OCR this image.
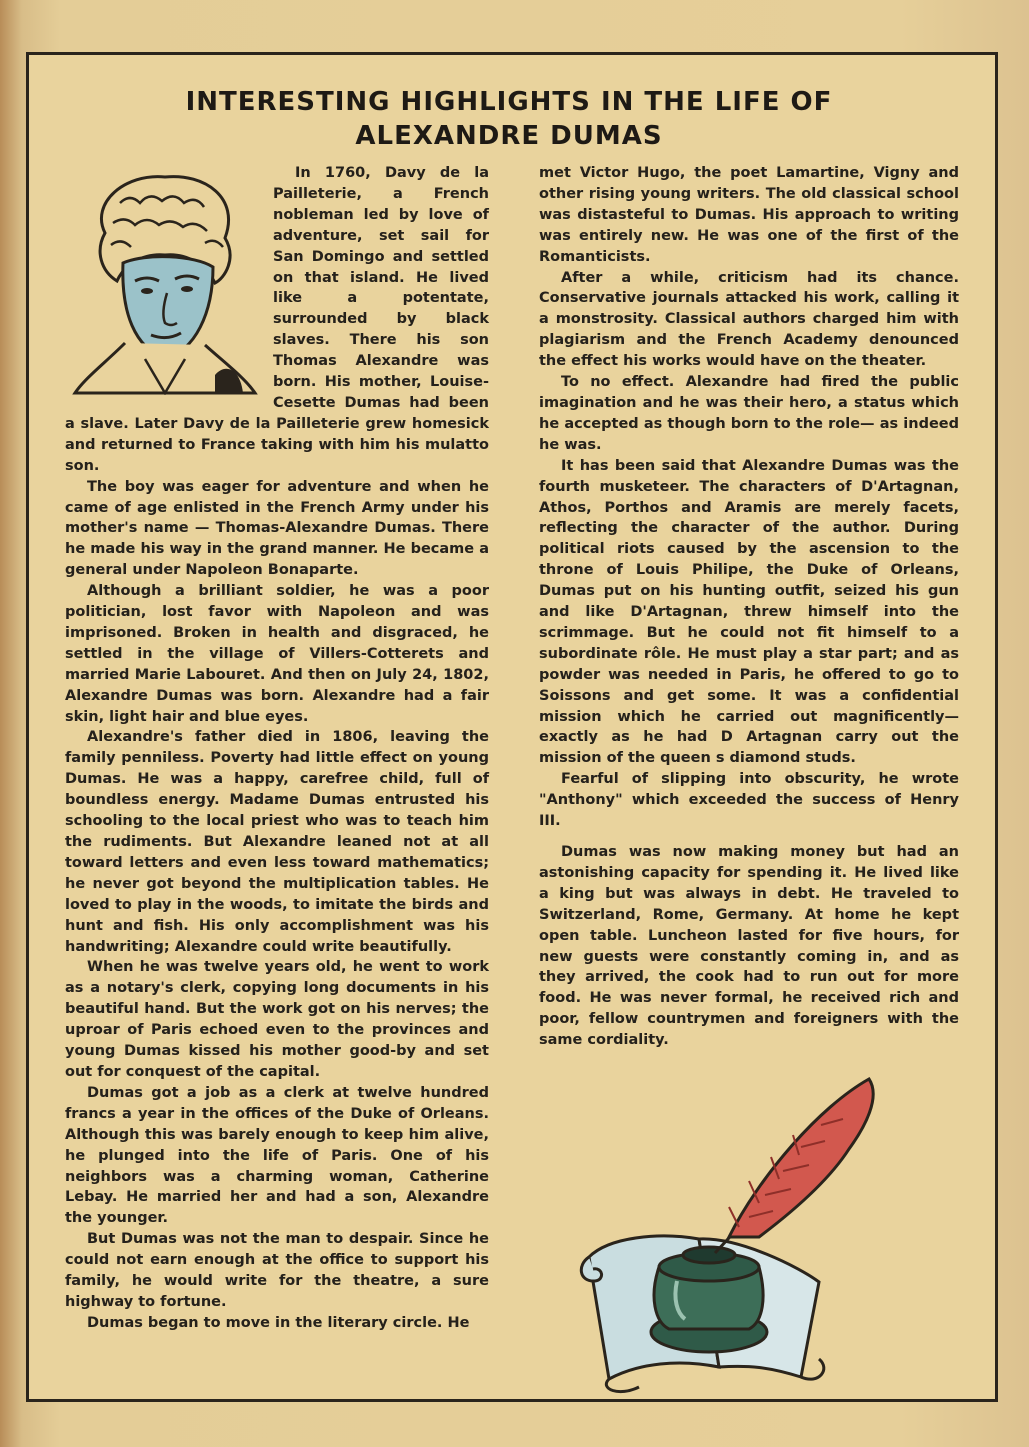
INTERESTING HIGHLIGHTS IN THE LIFE OF
ALEXANDRE DUMAS

In 1760, Davy de la Pailleterie, a French nobleman led by love of adventure, set sail for San Domingo and settled on that island. He lived like a potentate, surrounded by black slaves. There his son Thomas Alexandre was born. His mother, Louise-Cesette Dumas had been a slave. Later Davy de la Pailleterie grew homesick and returned to France taking with him his mulatto son.

The boy was eager for adventure and when he came of age enlisted in the French Army under his mother's name — Thomas-Alexandre Dumas. There he made his way in the grand manner. He became a general under Napoleon Bonaparte.

Although a brilliant soldier, he was a poor politician, lost favor with Napoleon and was imprisoned. Broken in health and disgraced, he settled in the village of Villers-Cotterets and married Marie Labouret. And then on July 24, 1802, Alexandre Dumas was born. Alexandre had a fair skin, light hair and blue eyes.

Alexandre's father died in 1806, leaving the family penniless. Poverty had little effect on young Dumas. He was a happy, carefree child, full of boundless energy. Madame Dumas entrusted his schooling to the local priest who was to teach him the rudiments. But Alexandre leaned not at all toward letters and even less toward mathematics; he never got beyond the multiplication tables. He loved to play in the woods, to imitate the birds and hunt and fish. His only accomplishment was his handwriting; Alexandre could write beautifully.

When he was twelve years old, he went to work as a notary's clerk, copying long documents in his beautiful hand. But the work got on his nerves; the uproar of Paris echoed even to the provinces and young Dumas kissed his mother good-by and set out for conquest of the capital.

Dumas got a job as a clerk at twelve hundred francs a year in the offices of the Duke of Orleans. Although this was barely enough to keep him alive, he plunged into the life of Paris. One of his neighbors was a charming woman, Catherine Lebay. He married her and had a son, Alexandre the younger.

But Dumas was not the man to despair. Since he could not earn enough at the office to support his family, he would write for the theatre, a sure highway to fortune.

Dumas began to move in the literary circle. He

met Victor Hugo, the poet Lamartine, Vigny and other rising young writers. The old classical school was distasteful to Dumas. His approach to writing was entirely new. He was one of the first of the Romanticists.

After a while, criticism had its chance. Conservative journals attacked his work, calling it a monstrosity. Classical authors charged him with plagiarism and the French Academy denounced the effect his works would have on the theater.

To no effect. Alexandre had fired the public imagination and he was their hero, a status which he accepted as though born to the role— as indeed he was.

It has been said that Alexandre Dumas was the fourth musketeer. The characters of D'Artagnan, Athos, Porthos and Aramis are merely facets, reflecting the character of the author. During political riots caused by the ascension to the throne of Louis Philipe, the Duke of Orleans, Dumas put on his hunting outfit, seized his gun and like D'Artagnan, threw himself into the scrimmage. But he could not fit himself to a subordinate rôle. He must play a star part; and as powder was needed in Paris, he offered to go to Soissons and get some. It was a confidential mission which he carried out magnificently— exactly as he had D Artagnan carry out the mission of the queen s diamond studs.

Fearful of slipping into obscurity, he wrote "Anthony" which exceeded the success of Henry III.

Dumas was now making money but had an astonishing capacity for spending it. He lived like a king but was always in debt. He traveled to Switzerland, Rome, Germany. At home he kept open table. Luncheon lasted for five hours, for new guests were constantly coming in, and as they arrived, the cook had to run out for more food. He was never formal, he received rich and poor, fellow countrymen and foreigners with the same cordiality.
